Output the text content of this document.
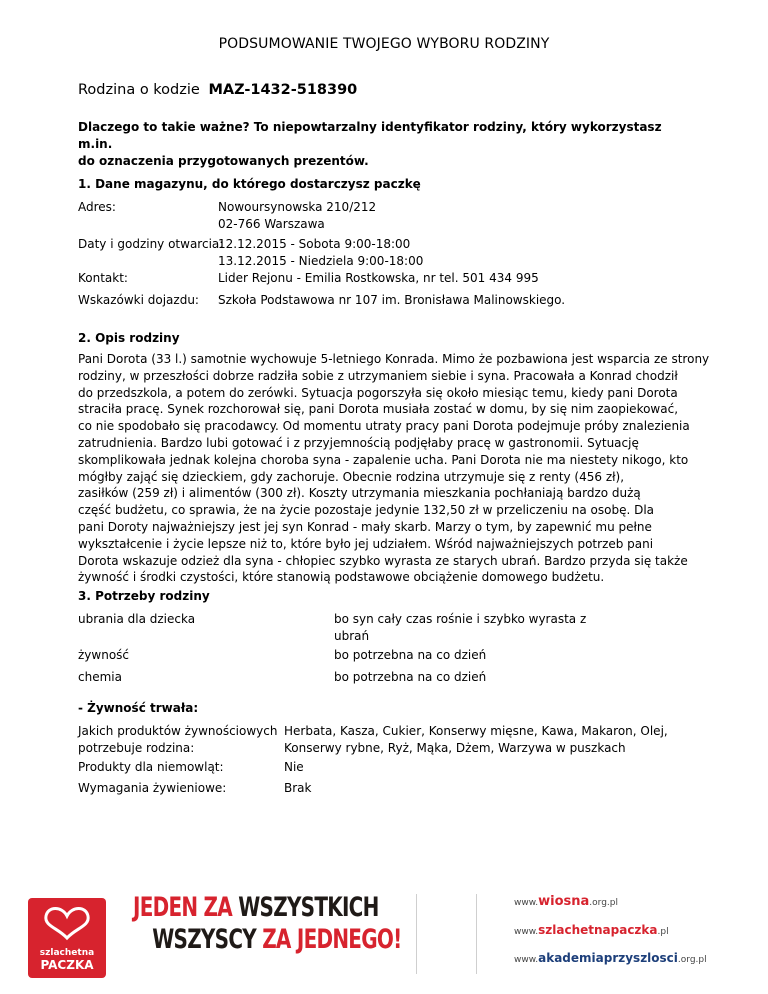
PODSUMOWANIE TWOJEGO WYBORU RODZINY
Rodzina o kodzie MAZ-1432-518390
Dlaczego to takie ważne? To niepowtarzalny identyfikator rodziny, który wykorzystasz m.in.
do oznaczenia przygotowanych prezentów.
1. Dane magazynu, do którego dostarczysz paczkę
Adres:	Nowoursynowska 210/212
02-766 Warszawa
Daty i godziny otwarcia:
12.12.2015 - Sobota 9:00-18:00
13.12.2015 - Niedziela 9:00-18:00
Kontakt:	Lider Rejonu - Emilia Rostkowska, nr tel. 501 434 995
Wskazówki dojazdu: Szkoła Podstawowa nr 107 im. Bronisława Malinowskiego.
2. Opis rodziny

Pani Dorota (33 l.) samotnie wychowuje 5-letniego Konrada. Mimo że pozbawiona jest wsparcia ze strony

rodziny, w przeszłości dobrze radziła sobie z utrzymaniem siebie i syna. Pracowała a Konrad chodził

do przedszkola, a potem do zerówki. Sytuacja pogorszyła się około miesiąc temu, kiedy pani Dorota

straciła pracę. Synek rozchorował się, pani Dorota musiała zostać w domu, by się nim zaopiekować,

co nie spodobało się pracodawcy. Od momentu utraty pracy pani Dorota podejmuje próby znalezienia

zatrudnienia. Bardzo lubi gotować i z przyjemnością podjęłaby pracę w gastronomii. Sytuację

skomplikowała jednak kolejna choroba syna - zapalenie ucha. Pani Dorota nie ma niestety nikogo, kto

mógłby zająć się dzieckiem, gdy zachoruje. Obecnie rodzina utrzymuje się z renty (456 zł),

zasiłków (259 zł) i alimentów (300 zł). Koszty utrzymania mieszkania pochłaniają bardzo dużą

część budżetu, co sprawia, że na życie pozostaje jedynie 132,50 zł w przeliczeniu na osobę. Dla

pani Doroty najważniejszy jest jej syn Konrad - mały skarb. Marzy o tym, by zapewnić mu pełne

wykształcenie i życie lepsze niż to, które było jej udziałem. Wśród najważniejszych potrzeb pani

Dorota wskazuje odzież dla syna - chłopiec szybko wyrasta ze starych ubrań. Bardzo przyda się także

żywność i środki czystości, które stanowią podstawowe obciążenie domowego budżetu.

3. Potrzeby rodziny
ubrania dla dziecka	bo syn cały czas rośnie i szybko wyrasta z
ubrań
żywność	bo potrzebna na co dzień
chemia	bo potrzebna na co dzień
- Żywność trwała:
Jakich produktów żywnościowych
potrzebuje rodzina:
Herbata, Kasza, Cukier, Konserwy mięsne, Kawa, Makaron, Olej,
Konserwy rybne, Ryż, Mąka, Dżem, Warzywa w puszkach
Produkty dla niemowląt:	Nie
Wymagania żywieniowe:	Brak
szlachetna
PACZKA
JEDEN ZA WSZYSTKICH
WSZYSCY ZA JEDNEGO!
www.wiosna.org.pl
www.szlachetnapaczka.pl
www.akademiaprzyszlosci.org.pl
